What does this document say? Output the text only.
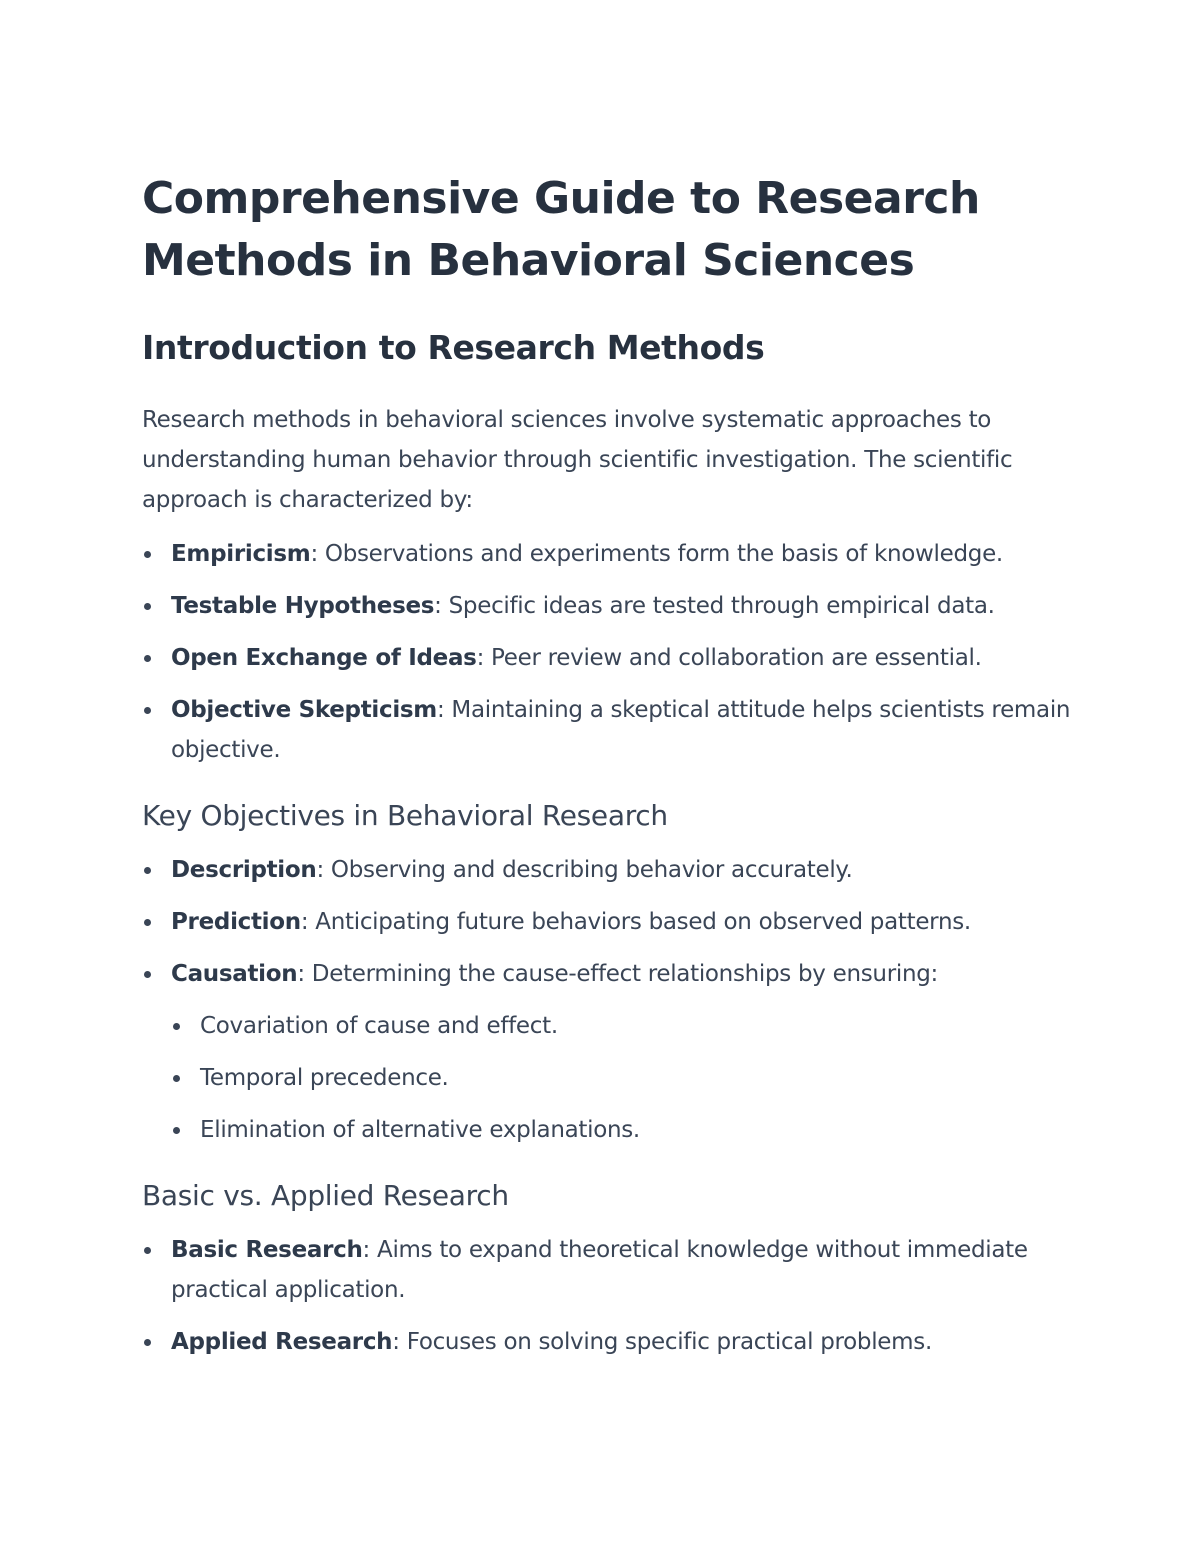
Comprehensive Guide to Research Methods in Behavioral Sciences
Introduction to Research Methods

Research methods in behavioral sciences involve systematic approaches to understanding human behavior through scientific investigation. The scientific approach is characterized by:

Empiricism: Observations and experiments form the basis of knowledge.
Testable Hypotheses: Specific ideas are tested through empirical data.
Open Exchange of Ideas: Peer review and collaboration are essential.
Objective Skepticism: Maintaining a skeptical attitude helps scientists remain objective.
Key Objectives in Behavioral Research
Description: Observing and describing behavior accurately.
Prediction: Anticipating future behaviors based on observed patterns.
Causation: Determining the cause-effect relationships by ensuring:
Covariation of cause and effect.
Temporal precedence.
Elimination of alternative explanations.
Basic vs. Applied Research
Basic Research: Aims to expand theoretical knowledge without immediate practical application.
Applied Research: Focuses on solving specific practical problems.
